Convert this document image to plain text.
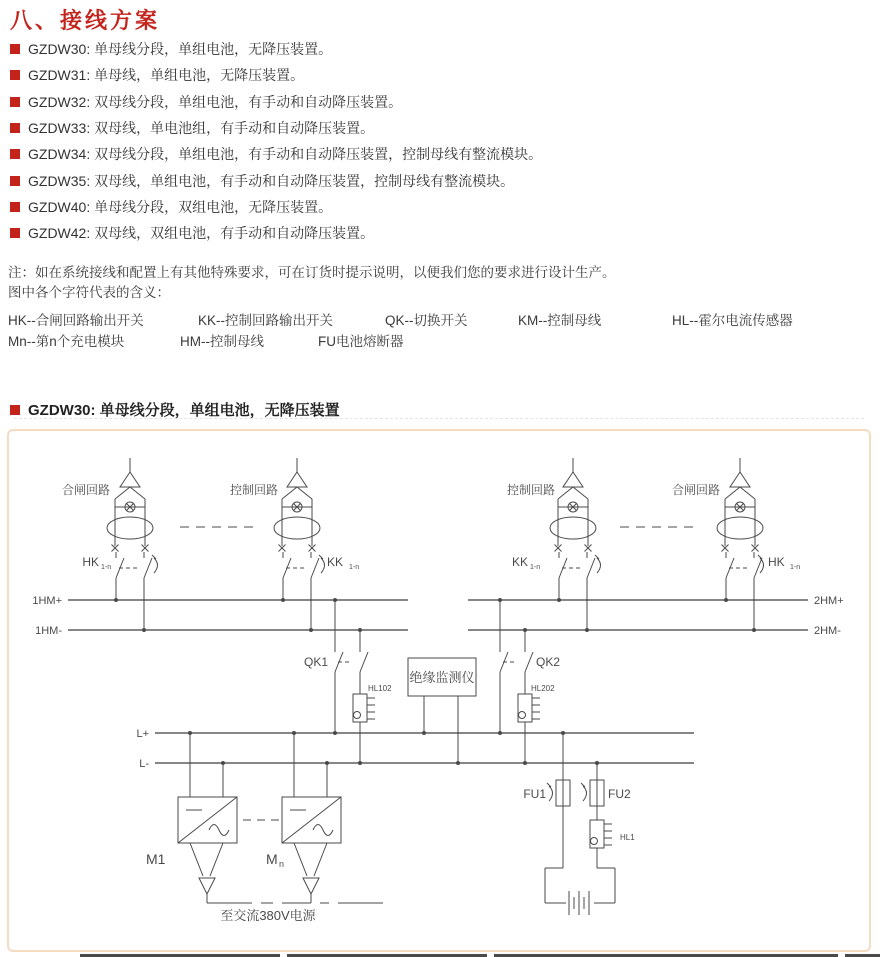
八、接线方案
GZDW30: 单母线分段，单组电池，无降压装置。
GZDW31: 单母线，单组电池，无降压装置。
GZDW32: 双母线分段，单组电池，有手动和自动降压装置。
GZDW33: 双母线，单电池组，有手动和自动降压装置。
GZDW34: 双母线分段，单组电池，有手动和自动降压装置，控制母线有整流模块。
GZDW35: 双母线，单组电池，有手动和自动降压装置，控制母线有整流模块。
GZDW40: 单母线分段，双组电池，无降压装置。
GZDW42: 双母线，双组电池，有手动和自动降压装置。
注：如在系统接线和配置上有其他特殊要求，可在订货时提示说明，以便我们您的要求进行设计生产。
图中各个字符代表的含义：
HK--合闸回路输出开关	KK--控制回路输出开关	QK--切换开关	KM--控制母线	HL--霍尔电流传感器
Mn--第n个充电模块	HM--控制母线	FU电池熔断器
GZDW30: 单母线分段，单组电池，无降压装置
合闸回路	控制回路	控制回路	合闸回路
HK 1-n	KK 1-n	KK 1-n	HK 1-n
1HM+
1HM-
2HM+
2HM-
QK1
HL102
QK2
HL202
绝缘监测仪
L+
L-
M1	M n
至交流380V电源
FU1	FU2
HL1
